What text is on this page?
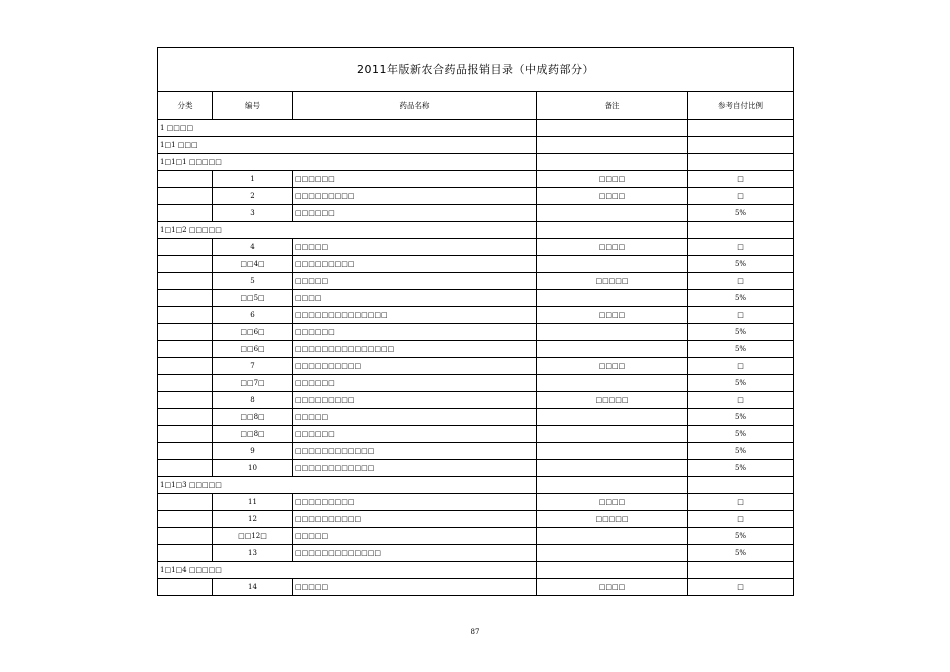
2011年版新农合药品报销目录（中成药部分）				
分类	编号	药品名称	备注	参考自付比例
1 □□□□				
1□1 □□□				
1□1□1 □□□□□				
	1	□□□□□□	□□□□	□
	2	□□□□□□□□□	□□□□	□
	3	□□□□□□		5%
1□1□2 □□□□□				
	4	□□□□□	□□□□	□
	□□4□	□□□□□□□□□		5%
	5	□□□□□	□□□□□	□
	□□5□	□□□□		5%
	6	□□□□□□□□□□□□□□	□□□□	□
	□□6□	□□□□□□		5%
	□□6□	□□□□□□□□□□□□□□□		5%
	7	□□□□□□□□□□	□□□□	□
	□□7□	□□□□□□		5%
	8	□□□□□□□□□	□□□□□	□
	□□8□	□□□□□		5%
	□□8□	□□□□□□		5%
	9	□□□□□□□□□□□□		5%
	10	□□□□□□□□□□□□		5%
1□1□3 □□□□□				
	11	□□□□□□□□□	□□□□	□
	12	□□□□□□□□□□	□□□□□	□
	□□12□	□□□□□		5%
	13	□□□□□□□□□□□□□		5%
1□1□4 □□□□□				
	14	□□□□□	□□□□	□
87
